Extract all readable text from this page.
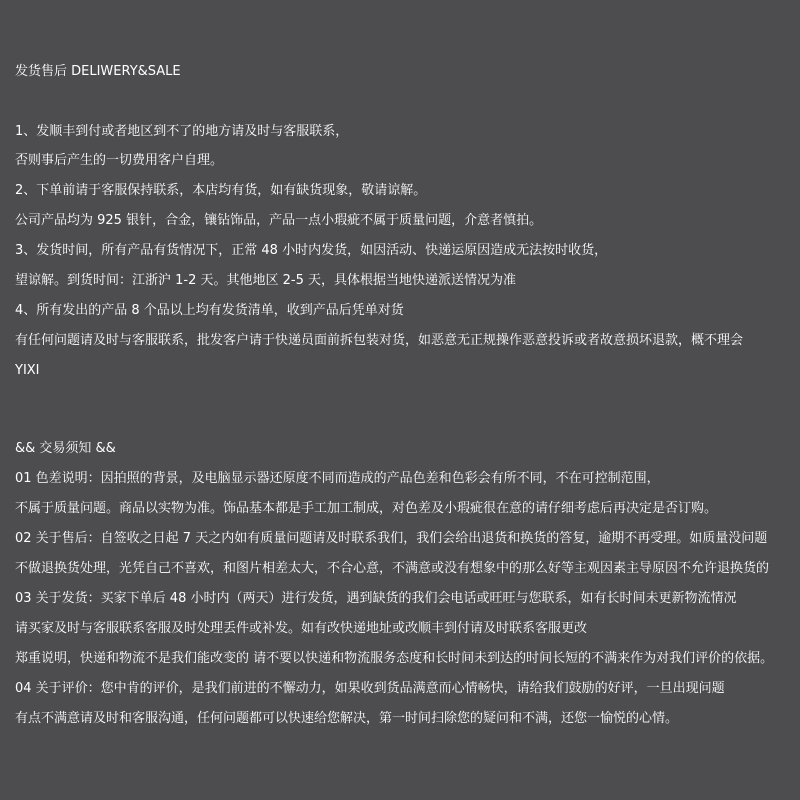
发货售后 DELIWERY&SALE
1、发顺丰到付或者地区到不了的地方请及时与客服联系，
否则事后产生的一切费用客户自理。
2、下单前请于客服保持联系，本店均有货，如有缺货现象，敬请谅解。
公司产品均为 925 银针，合金，镶钻饰品，产品一点小瑕疵不属于质量问题，介意者慎拍。
3、发货时间，所有产品有货情况下，正常 48 小时内发货，如因活动、快递运原因造成无法按时收货，
望谅解。到货时间：江浙沪 1-2 天。其他地区 2-5 天，具体根据当地快递派送情况为准
4、所有发出的产品 8 个品以上均有发货清单，收到产品后凭单对货
有任何问题请及时与客服联系，批发客户请于快递员面前拆包装对货，如恶意无正规操作恶意投诉或者故意损坏退款，概不理会
YIXI
&& 交易须知 &&
01 色差说明：因拍照的背景，及电脑显示器还原度不同而造成的产品色差和色彩会有所不同，不在可控制范围，
不属于质量问题。商品以实物为准。饰品基本都是手工加工制成，对色差及小瑕疵很在意的请仔细考虑后再决定是否订购。
02 关于售后：自签收之日起 7 天之内如有质量问题请及时联系我们，我们会给出退货和换货的答复，逾期不再受理。如质量没问题
不做退换货处理，光凭自己不喜欢，和图片相差太大，不合心意，不满意或没有想象中的那么好等主观因素主导原因不允许退换货的
03 关于发货：买家下单后 48 小时内（两天）进行发货，遇到缺货的我们会电话或旺旺与您联系，如有长时间未更新物流情况
请买家及时与客服联系客服及时处理丢件或补发。如有改快递地址或改顺丰到付请及时联系客服更改
郑重说明，快递和物流不是我们能改变的 请不要以快递和物流服务态度和长时间未到达的时间长短的不满来作为对我们评价的依据。
04 关于评价：您中肯的评价，是我们前进的不懈动力，如果收到货品满意而心情畅快，请给我们鼓励的好评，一旦出现问题
有点不满意请及时和客服沟通，任何问题都可以快速给您解决，第一时间扫除您的疑问和不满，还您一愉悦的心情。
